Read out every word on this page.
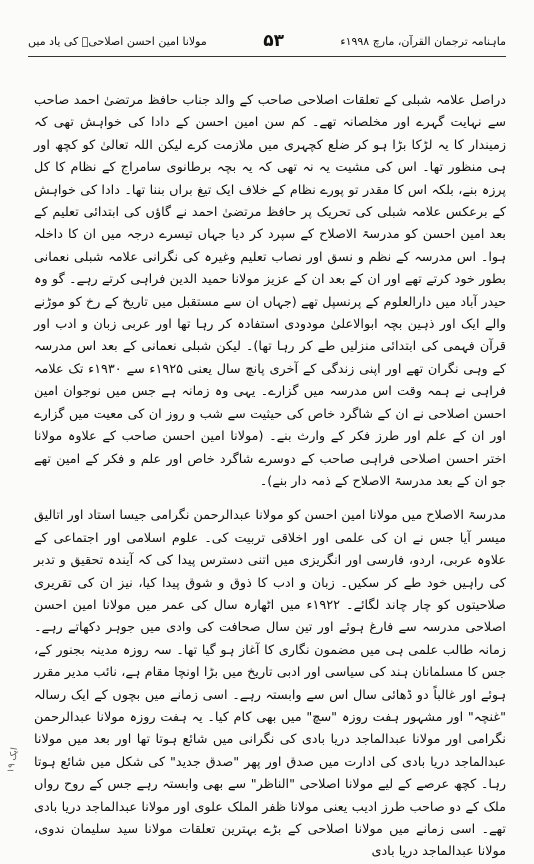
مولانا امین احسن اصلاحیؒ کی یاد میں	۵۳	ماہنامہ ترجمان القرآن، مارچ ۱۹۹۸ء

دراصل علامہ شبلی کے تعلقات اصلاحی صاحب کے والد جناب حافظ مرتضیٰ احمد صاحب سے نہایت گہرے اور مخلصانہ تھے۔ کم سن امین احسن کے دادا کی خواہش تھی کہ زمیندار کا یہ لڑکا بڑا ہو کر ضلع کچہری میں ملازمت کرے لیکن اللہ تعالیٰ کو کچھ اور ہی منظور تھا۔ اس کی مشیت یہ نہ تھی کہ یہ بچہ برطانوی سامراج کے نظام کا کل پرزہ بنے، بلکہ اس کا مقدر تو پورے نظام کے خلاف ایک تیغ براں بننا تھا۔ دادا کی خواہش کے برعکس علامہ شبلی کی تحریک پر حافظ مرتضیٰ احمد نے گاؤں کی ابتدائی تعلیم کے بعد امین احسن کو مدرسۃ الاصلاح کے سپرد کر دیا جہاں تیسرے درجہ میں ان کا داخلہ ہوا۔ اس مدرسہ کے نظم و نسق اور نصاب تعلیم وغیرہ کی نگرانی علامہ شبلی نعمانی بطور خود کرتے تھے اور ان کے بعد ان کے عزیز مولانا حمید الدین فراہی کرتے رہے۔ گو وہ حیدر آباد میں دارالعلوم کے پرنسپل تھے (جہاں ان سے مستقبل میں تاریخ کے رخ کو موڑنے والے ایک اور ذہین بچہ ابوالاعلیٰ مودودی استفادہ کر رہا تھا اور عربی زبان و ادب اور قرآن فہمی کی ابتدائی منزلیں طے کر رہا تھا)۔ لیکن شبلی نعمانی کے بعد اس مدرسہ کے وہی نگران تھے اور اپنی زندگی کے آخری پانچ سال یعنی ۱۹۲۵ء سے ۱۹۳۰ء تک علامہ فراہی نے ہمہ وقت اس مدرسہ میں گزارے۔ یہی وہ زمانہ ہے جس میں نوجوان امین احسن اصلاحی نے ان کے شاگرد خاص کی حیثیت سے شب و روز ان کی معیت میں گزارے اور ان کے علم اور طرز فکر کے وارث بنے۔ (مولانا امین احسن صاحب کے علاوہ مولانا اختر احسن اصلاحی فراہی صاحب کے دوسرے شاگرد خاص اور علم و فکر کے امین تھے جو ان کے بعد مدرسۃ الاصلاح کے ذمہ دار بنے)۔

مدرسۃ الاصلاح میں مولانا امین احسن کو مولانا عبدالرحمن نگرامی جیسا استاد اور اتالیق میسر آیا جس نے ان کی علمی اور اخلاقی تربیت کی۔ علوم اسلامی اور اجتماعی کے علاوہ عربی، اردو، فارسی اور انگریزی میں اتنی دسترس پیدا کی کہ آیندہ تحقیق و تدبر کی راہیں خود طے کر سکیں۔ زبان و ادب کا ذوق و شوق پیدا کیا، نیز ان کی تقریری صلاحیتوں کو چار چاند لگائے۔ ۱۹۲۲ء میں اٹھارہ سال کی عمر میں مولانا امین احسن اصلاحی مدرسہ سے فارغ ہوئے اور تین سال صحافت کی وادی میں جوہر دکھاتے رہے۔ زمانہ طالب علمی ہی میں مضمون نگاری کا آغاز ہو گیا تھا۔ سہ روزہ مدینہ بجنور کے، جس کا مسلمانان ہند کی سیاسی اور ادبی تاریخ میں بڑا اونچا مقام ہے، نائب مدیر مقرر ہوئے اور غالباً دو ڈھائی سال اس سے وابستہ رہے۔ اسی زمانے میں بچوں کے ایک رسالہ "غنچہ" اور مشہور ہفت روزہ "سچ" میں بھی کام کیا۔ یہ ہفت روزہ مولانا عبدالرحمن نگرامی اور مولانا عبدالماجد دریا بادی کی نگرانی میں شائع ہوتا تھا اور بعد میں مولانا عبدالماجد دریا بادی کی ادارت میں صدق اور پھر "صدق جدید" کی شکل میں شائع ہوتا رہا۔ کچھ عرصے کے لیے مولانا اصلاحی "الناظر" سے بھی وابستہ رہے جس کے روح رواں ملک کے دو صاحب طرز ادیب یعنی مولانا ظفر الملک علوی اور مولانا عبدالماجد دریا بادی تھے۔ اسی زمانے میں مولانا اصلاحی کے بڑے بہترین تعلقات مولانا سید سلیمان ندوی، مولانا عبدالماجد دریا بادی

ایک ۱۹
